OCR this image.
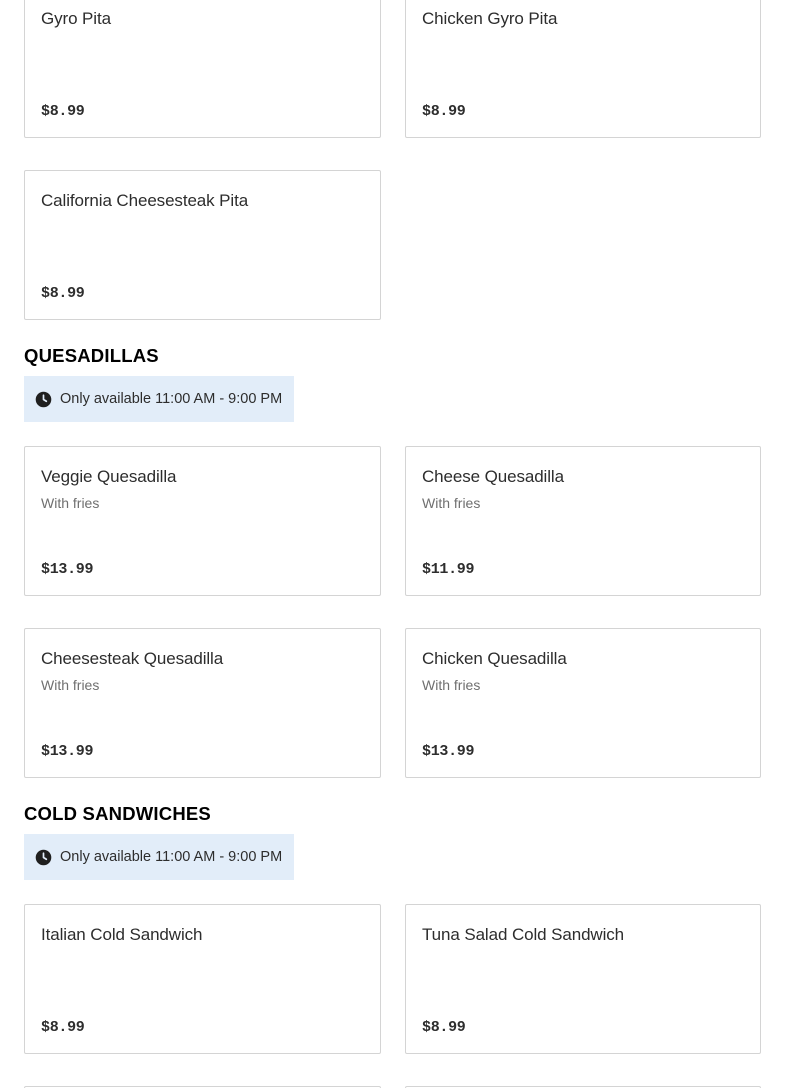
Gyro Pita
$8.99
Chicken Gyro Pita
$8.99
California Cheesesteak Pita
$8.99
QUESADILLAS
Only available 11:00 AM - 9:00 PM
Veggie Quesadilla
With fries
$13.99
Cheese Quesadilla
With fries
$11.99
Cheesesteak Quesadilla
With fries
$13.99
Chicken Quesadilla
With fries
$13.99
COLD SANDWICHES
Only available 11:00 AM - 9:00 PM
Italian Cold Sandwich
$8.99
Tuna Salad Cold Sandwich
$8.99
